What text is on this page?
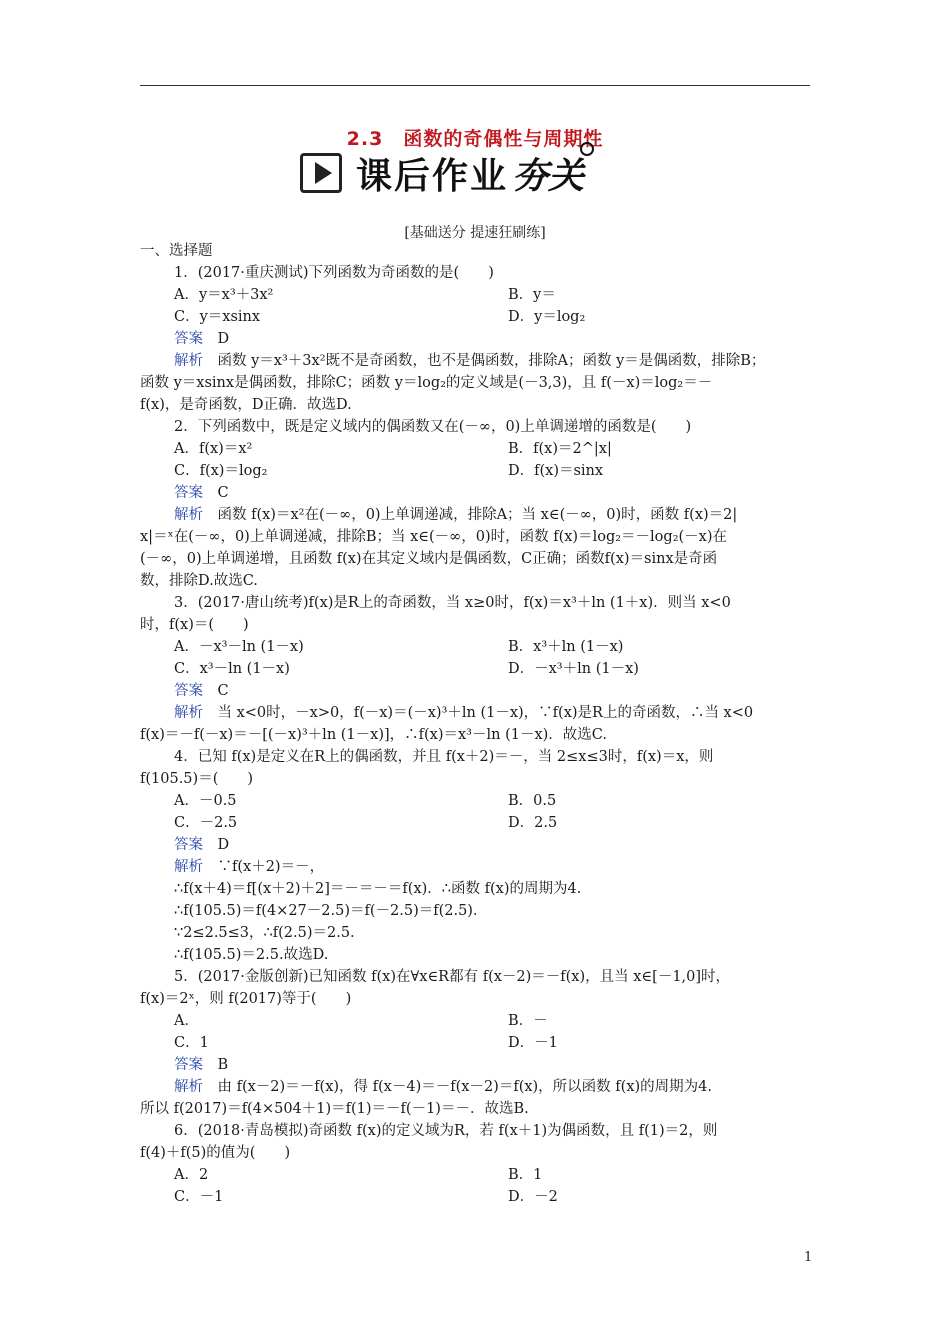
2.3　函数的奇偶性与周期性
课后作业 夯关
[基础送分 提速狂刷练]

一、选择题

1．(2017·重庆测试)下列函数为奇函数的是(　　)

A．y＝x³＋3x²	B．y＝
C．y＝xsinx	D．y＝log₂

答案　 D

解析　 函数 y＝x³＋3x²既不是奇函数，也不是偶函数，排除A；函数 y＝是偶函数，排除B；

函数 y＝xsinx是偶函数，排除C；函数 y＝log₂的定义域是(－3,3)，且 f(－x)＝log₂＝－

f(x)，是奇函数，D正确．故选D.

2．下列函数中，既是定义域内的偶函数又在(－∞，0)上单调递增的函数是(　　)

A．f(x)＝x²	B．f(x)＝2^|x|
C．f(x)＝log₂	D．f(x)＝sinx

答案　 C

解析　 函数 f(x)＝x²在(－∞，0)上单调递减，排除A；当 x∈(－∞，0)时，函数 f(x)＝2|

x|＝ˣ在(－∞，0)上单调递减，排除B；当 x∈(－∞，0)时，函数 f(x)＝log₂＝－log₂(－x)在

(－∞，0)上单调递增，且函数 f(x)在其定义域内是偶函数，C正确；函数f(x)＝sinx是奇函

数，排除D.故选C.

3．(2017·唐山统考)f(x)是R上的奇函数，当 x≥0时，f(x)＝x³＋ln (1＋x)．则当 x<0

时，f(x)＝(　　)

A．－x³－ln (1－x)	B．x³＋ln (1－x)
C．x³－ln (1－x)	D．－x³＋ln (1－x)

答案　 C

解析　 当 x<0时，－x>0，f(－x)＝(－x)³＋ln (1－x)，∵f(x)是R上的奇函数，∴当 x<0

f(x)＝－f(－x)＝－[(－x)³＋ln (1－x)]，∴f(x)＝x³－ln (1－x)．故选C.

4．已知 f(x)是定义在R上的偶函数，并且 f(x＋2)＝－，当 2≤x≤3时，f(x)＝x，则

f(105.5)＝(　　)

A．－0.5	B．0.5
C．－2.5	D．2.5

答案　 D

解析　 ∵f(x＋2)＝－，

∴f(x＋4)＝f[(x＋2)＋2]＝－＝－＝f(x)．∴函数 f(x)的周期为4.

∴f(105.5)＝f(4×27－2.5)＝f(－2.5)＝f(2.5)．

∵2≤2.5≤3，∴f(2.5)＝2.5.

∴f(105.5)＝2.5.故选D.

5．(2017·金版创新)已知函数 f(x)在∀x∈R都有 f(x－2)＝－f(x)，且当 x∈[－1,0]时，

f(x)＝2ˣ，则 f(2017)等于(　　)

A．	B．－
C．1	D．－1

答案　 B

解析　 由 f(x－2)＝－f(x)，得 f(x－4)＝－f(x－2)＝f(x)，所以函数 f(x)的周期为4.

所以 f(2017)＝f(4×504＋1)＝f(1)＝－f(－1)＝－．故选B.

6．(2018·青岛模拟)奇函数 f(x)的定义域为R，若 f(x＋1)为偶函数，且 f(1)＝2，则

f(4)＋f(5)的值为(　　)

A．2	B．1
C．－1	D．－2
1
